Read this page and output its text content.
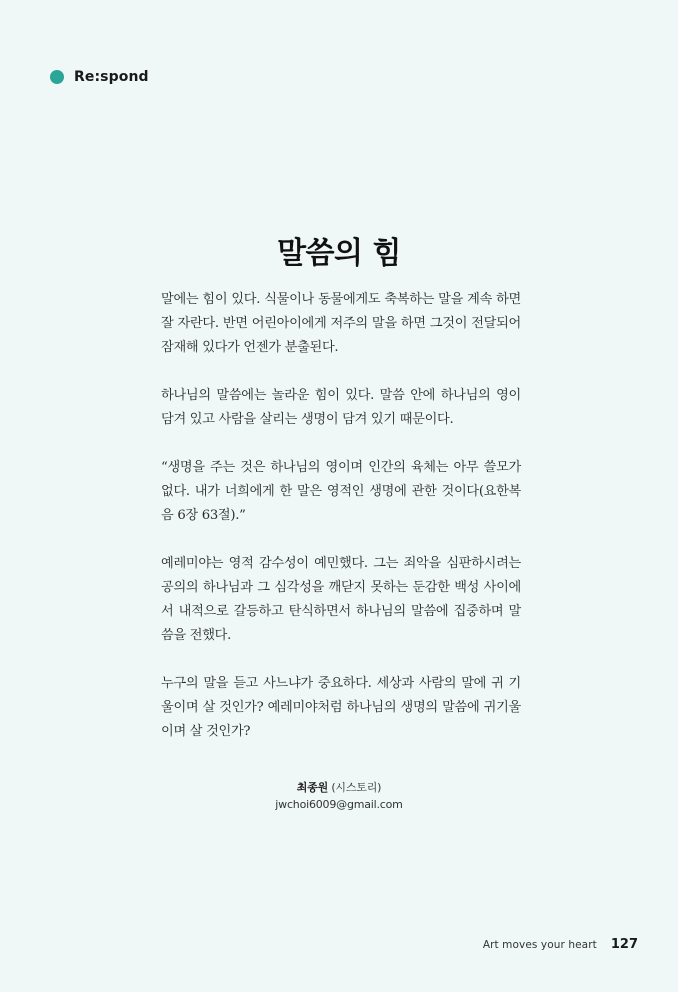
Re:spond
말씀의 힘

말에는 힘이 있다. 식물이나 동물에게도 축복하는 말을 계속 하면 잘 자란다. 반면 어린아이에게 저주의 말을 하면 그것이 전달되어 잠재해 있다가 언젠가 분출된다.

하나님의 말씀에는 놀라운 힘이 있다. 말씀 안에 하나님의 영이 담겨 있고 사람을 살리는 생명이 담겨 있기 때문이다.

“생명을 주는 것은 하나님의 영이며 인간의 육체는 아무 쓸모가 없다. 내가 너희에게 한 말은 영적인 생명에 관한 것이다(요한복음 6장 63절).”

예레미야는 영적 감수성이 예민했다. 그는 죄악을 심판하시려는 공의의 하나님과 그 심각성을 깨닫지 못하는 둔감한 백성 사이에서 내적으로 갈등하고 탄식하면서 하나님의 말씀에 집중하며 말씀을 전했다.

누구의 말을 듣고 사느냐가 중요하다. 세상과 사람의 말에 귀 기울이며 살 것인가? 예레미야처럼 하나님의 생명의 말씀에 귀기울이며 살 것인가?

최종원 (시스토리)
jwchoi6009@gmail.com
Art moves your heart 127
